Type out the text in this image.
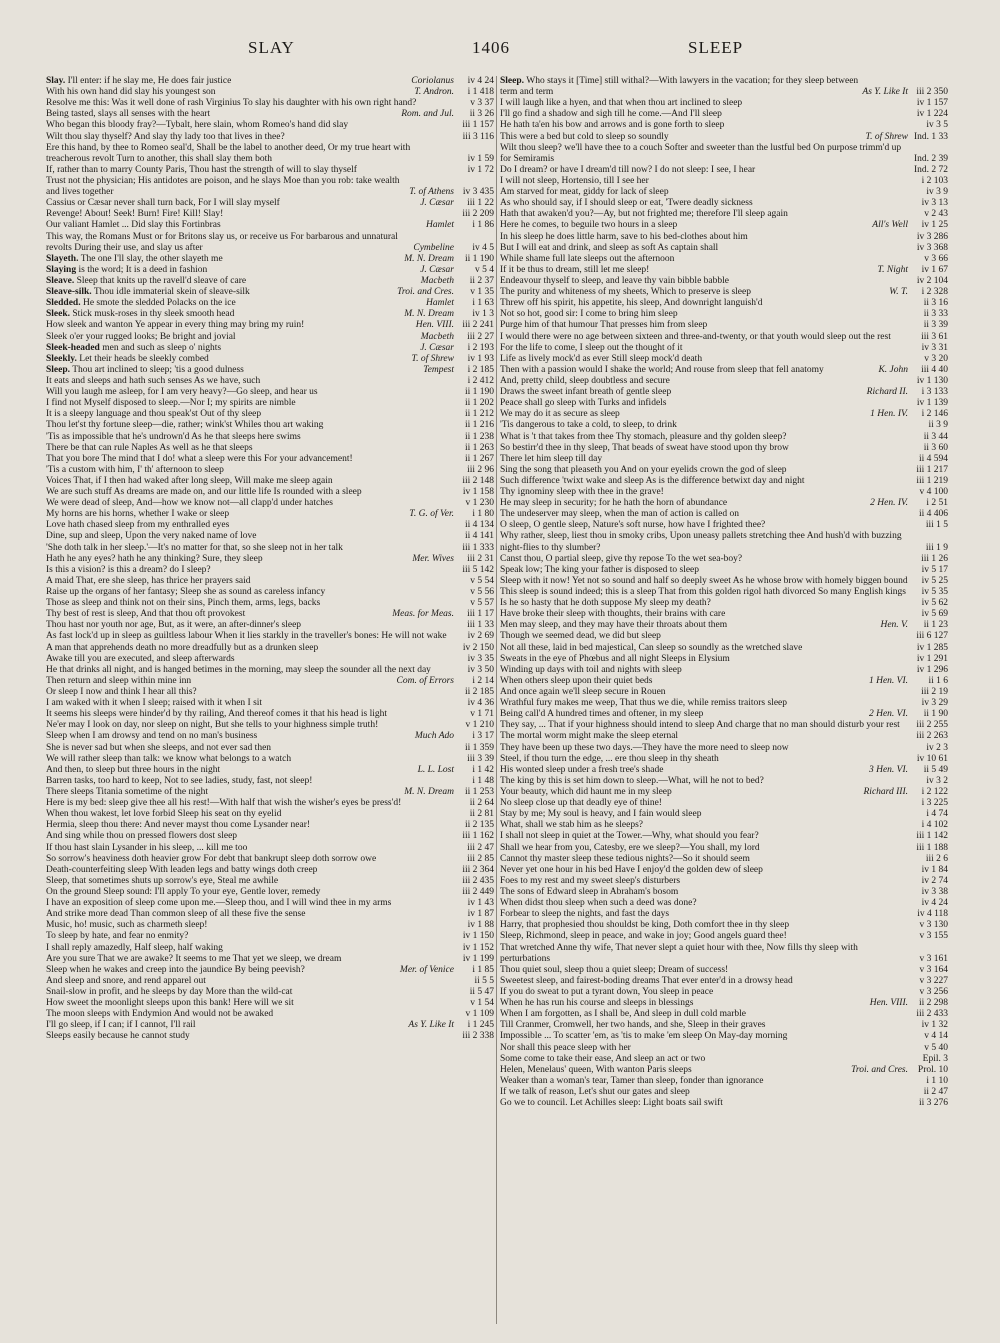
SLAY	1406	SLEEP
Slay. I'll enter: if he slay me, He does fair justice	Coriolanus	iv 4 24
With his own hand did slay his youngest son	T. Andron.	i 1 418
Resolve me this: Was it well done of rash Virginius To slay his daughter with his own right hand?	v 3 37
Being tasted, slays all senses with the heart	Rom. and Jul.	ii 3 26
Who began this bloody fray?—Tybalt, here slain, whom Romeo's hand did slay	iii 1 157
Wilt thou slay thyself? And slay thy lady too that lives in thee?	iii 3 116
Ere this hand, by thee to Romeo seal'd, Shall be the label to another deed, Or my true heart with treacherous revolt Turn to another, this shall slay them both	iv 1 59
If, rather than to marry County Paris, Thou hast the strength of will to slay thyself	iv 1 72
Trust not the physician; His antidotes are poison, and he slays Moe than you rob: take wealth and lives together	T. of Athens iv 3 435
Cassius or Cæsar never shall turn back, For I will slay myself	J. Cæsar	iii 1 22
Revenge! About! Seek! Burn! Fire! Kill! Slay!	iii 2 209
Our valiant Hamlet ... Did slay this Fortinbras	Hamlet	i 1 86
This way, the Romans Must or for Britons slay us, or receive us For barbarous and unnatural revolts During their use, and slay us after	Cymbeline	iv 4 5
Slayeth. The one I'll slay, the other slayeth me	M. N. Dream	ii 1 190
Slaying is the word; It is a deed in fashion	J. Cæsar	v 5 4
Sleave. Sleep that knits up the ravell'd sleave of care	Macbeth	ii 2 37
Sleave-silk. Thou idle immaterial skein of sleave-silk	Troi. and Cres.	v 1 35
Sledded. He smote the sledded Polacks on the ice	Hamlet	i 1 63
Sleek. Stick musk-roses in thy sleek smooth head	M. N. Dream	iv 1 3
How sleek and wanton Ye appear in every thing may bring my ruin!	Hen. VIII. iii 2 241
Sleek o'er your rugged looks; Be bright and jovial	Macbeth	iii 2 27
Sleek-headed men and such as sleep o' nights	J. Cæsar	i 2 193
Sleekly. Let their heads be sleekly combed	T. of Shrew	iv 1 93
Sleep. Thou art inclined to sleep; 'tis a good dulness	Tempest	i 2 185
It eats and sleeps and hath such senses As we have, such	i 2 412
Will you laugh me asleep, for I am very heavy?—Go sleep, and hear us	ii 1 190
I find not Myself disposed to sleep.—Nor I; my spirits are nimble	ii 1 202
It is a sleepy language and thou speak'st Out of thy sleep	ii 1 212
Thou let'st thy fortune sleep—die, rather; wink'st Whiles thou art waking	ii 1 216
'Tis as impossible that he's undrown'd As he that sleeps here swims	ii 1 238
There be that can rule Naples As well as he that sleeps	ii 1 263
That you bore The mind that I do! what a sleep were this For your advancement!	ii 1 267
'Tis a custom with him, I' th' afternoon to sleep	iii 2 96
Voices That, if I then had waked after long sleep, Will make me sleep again	iii 2 148
We are such stuff As dreams are made on, and our little life Is rounded with a sleep	iv 1 158
We were dead of sleep, And—how we know not—all clapp'd under hatches	v 1 230
My horns are his horns, whether I wake or sleep	T. G. of Ver.	i 1 80
Love hath chased sleep from my enthralled eyes	ii 4 134
Dine, sup and sleep, Upon the very naked name of love	ii 4 141
'She doth talk in her sleep.'—It's no matter for that, so she sleep not in her talk	iii 1 333
Hath he any eyes? hath he any thinking? Sure, they sleep	Mer. Wives	iii 2 31
Is this a vision? is this a dream? do I sleep?	iii 5 142
A maid That, ere she sleep, has thrice her prayers said	v 5 54
Raise up the organs of her fantasy; Sleep she as sound as careless infancy	v 5 56
Those as sleep and think not on their sins, Pinch them, arms, legs, backs	v 5 57
Thy best of rest is sleep, And that thou oft provokest	Meas. for Meas.	iii 1 17
Thou hast nor youth nor age, But, as it were, an after-dinner's sleep	iii 1 33
As fast lock'd up in sleep as guiltless labour When it lies starkly in the traveller's bones: He will not wake	iv 2 69
A man that apprehends death no more dreadfully but as a drunken sleep	iv 2 150
Awake till you are executed, and sleep afterwards	iv 3 35
He that drinks all night, and is hanged betimes in the morning, may sleep the sounder all the next day	iv 3 50
Then return and sleep within mine inn	Com. of Errors	i 2 14
Or sleep I now and think I hear all this?	ii 2 185
I am waked with it when I sleep; raised with it when I sit	iv 4 36
It seems his sleeps were hinder'd by thy railing, And thereof comes it that his head is light	v 1 71
Ne'er may I look on day, nor sleep on night, But she tells to your highness simple truth!	v 1 210
Sleep when I am drowsy and tend on no man's business	Much Ado	i 3 17
She is never sad but when she sleeps, and not ever sad then	ii 1 359
We will rather sleep than talk: we know what belongs to a watch	iii 3 39
And then, to sleep but three hours in the night	L. L. Lost	i 1 42
Barren tasks, too hard to keep, Not to see ladies, study, fast, not sleep!	i 1 48
There sleeps Titania sometime of the night	M. N. Dream	ii 1 253
Here is my bed: sleep give thee all his rest!—With half that wish the wisher's eyes be press'd!	ii 2 64
When thou wakest, let love forbid Sleep his seat on thy eyelid	ii 2 81
Hermia, sleep thou there: And never mayst thou come Lysander near!	ii 2 135
And sing while thou on pressed flowers dost sleep	iii 1 162
If thou hast slain Lysander in his sleep, ... kill me too	iii 2 47
So sorrow's heaviness doth heavier grow For debt that bankrupt sleep doth sorrow owe	iii 2 85
Death-counterfeiting sleep With leaden legs and batty wings doth creep	iii 2 364
Sleep, that sometimes shuts up sorrow's eye, Steal me awhile	iii 2 435
On the ground Sleep sound: I'll apply To your eye, Gentle lover, remedy	iii 2 449
I have an exposition of sleep come upon me.—Sleep thou, and I will wind thee in my arms	iv 1 43
And strike more dead Than common sleep of all these five the sense	iv 1 87
Music, ho! music, such as charmeth sleep!	iv 1 88
To sleep by hate, and fear no enmity?	iv 1 150
I shall reply amazedly, Half sleep, half waking	iv 1 152
Are you sure That we are awake? It seems to me That yet we sleep, we dream	iv 1 199
Sleep when he wakes and creep into the jaundice By being peevish?	Mer. of Venice	i 1 85
And sleep and snore, and rend apparel out	ii 5 5
Snail-slow in profit, and he sleeps by day More than the wild-cat	ii 5 47
How sweet the moonlight sleeps upon this bank! Here will we sit	v 1 54
The moon sleeps with Endymion And would not be awaked	v 1 109
I'll go sleep, if I can; if I cannot, I'll rail	As Y. Like It	i 1 245
Sleeps easily because he cannot study	iii 2 338
Sleep. Who stays it [Time] still withal?—With lawyers in the vacation; for they sleep between term and term	As Y. Like It iii 2 350
I will laugh like a hyen, and that when thou art inclined to sleep	iv 1 157
I'll go find a shadow and sigh till he come.—And I'll sleep	iv 1 224
He hath ta'en his bow and arrows and is gone forth to sleep	iv 3 5
This were a bed but cold to sleep so soundly	T. of Shrew Ind. 1 33
Wilt thou sleep? we'll have thee to a couch Softer and sweeter than the lustful bed On purpose trimm'd up for Semiramis	Ind. 2 39
Do I dream? or have I dream'd till now? I do not sleep: I see, I hear	Ind. 2 72
I will not sleep, Hortensio, till I see her	i 2 103
Am starved for meat, giddy for lack of sleep	iv 3 9
As who should say, if I should sleep or eat, 'Twere deadly sickness	iv 3 13
Hath that awaken'd you?—Ay, but not frighted me; therefore I'll sleep again	v 2 43
Here he comes, to beguile two hours in a sleep	All's Well	iv 1 25
In his sleep he does little harm, save to his bed-clothes about him	iv 3 286
But I will eat and drink, and sleep as soft As captain shall	iv 3 368
While shame full late sleeps out the afternoon	v 3 66
If it be thus to dream, still let me sleep!	T. Night	iv 1 67
Endeavour thyself to sleep, and leave thy vain bibble babble	iv 2 104
The purity and whiteness of my sheets, Which to preserve is sleep	W. T.	i 2 328
Threw off his spirit, his appetite, his sleep, And downright languish'd	ii 3 16
Not so hot, good sir: I come to bring him sleep	ii 3 33
Purge him of that humour That presses him from sleep	ii 3 39
I would there were no age between sixteen and three-and-twenty, or that youth would sleep out the rest	iii 3 61
For the life to come, I sleep out the thought of it	iv 3 31
Life as lively mock'd as ever Still sleep mock'd death	v 3 20
Then with a passion would I shake the world; And rouse from sleep that fell anatomy	K. John	iii 4 40
And, pretty child, sleep doubtless and secure	iv 1 130
Draws the sweet infant breath of gentle sleep	Richard II.	i 3 133
Peace shall go sleep with Turks and infidels	iv 1 139
We may do it as secure as sleep	1 Hen. IV.	i 2 146
'Tis dangerous to take a cold, to sleep, to drink	ii 3 9
What is 't that takes from thee Thy stomach, pleasure and thy golden sleep?	ii 3 44
So bestirr'd thee in thy sleep, That beads of sweat have stood upon thy brow	ii 3 60
There let him sleep till day	ii 4 594
Sing the song that pleaseth you And on your eyelids crown the god of sleep	iii 1 217
Such difference 'twixt wake and sleep As is the difference betwixt day and night	iii 1 219
Thy ignominy sleep with thee in the grave!	v 4 100
He may sleep in security; for he hath the horn of abundance	2 Hen. IV.	i 2 51
The undeserver may sleep, when the man of action is called on	ii 4 406
O sleep, O gentle sleep, Nature's soft nurse, how have I frighted thee?	iii 1 5
Why rather, sleep, liest thou in smoky cribs, Upon uneasy pallets stretching thee And hush'd with buzzing night-flies to thy slumber?	iii 1 9
Canst thou, O partial sleep, give thy repose To the wet sea-boy?	iii 1 26
Speak low; The king your father is disposed to sleep	iv 5 17
Sleep with it now! Yet not so sound and half so deeply sweet As he whose brow with homely biggen bound	iv 5 25
This sleep is sound indeed; this is a sleep That from this golden rigol hath divorced So many English kings	iv 5 35
Is he so hasty that he doth suppose My sleep my death?	iv 5 62
Have broke their sleep with thoughts, their brains with care	iv 5 69
Men may sleep, and they may have their throats about them	Hen. V.	ii 1 23
Though we seemed dead, we did but sleep	iii 6 127
Not all these, laid in bed majestical, Can sleep so soundly as the wretched slave	iv 1 285
Sweats in the eye of Phœbus and all night Sleeps in Elysium	iv 1 291
Winding up days with toil and nights with sleep	iv 1 296
When others sleep upon their quiet beds	1 Hen. VI.	ii 1 6
And once again we'll sleep secure in Rouen	iii 2 19
Wrathful fury makes me weep, That thus we die, while remiss traitors sleep	iv 3 29
Being call'd A hundred times and oftener, in my sleep	2 Hen. VI.	ii 1 90
They say, ... That if your highness should intend to sleep And charge that no man should disturb your rest	iii 2 255
The mortal worm might make the sleep eternal	iii 2 263
They have been up these two days.—They have the more need to sleep now	iv 2 3
Steel, if thou turn the edge, ... ere thou sleep in thy sheath	iv 10 61
His wonted sleep under a fresh tree's shade	3 Hen. VI.	ii 5 49
The king by this is set him down to sleep.—What, will he not to bed?	iv 3 2
Your beauty, which did haunt me in my sleep	Richard III.	i 2 122
No sleep close up that deadly eye of thine!	i 3 225
Stay by me; My soul is heavy, and I fain would sleep	i 4 74
What, shall we stab him as he sleeps?	i 4 102
I shall not sleep in quiet at the Tower.—Why, what should you fear?	iii 1 142
Shall we hear from you, Catesby, ere we sleep?—You shall, my lord	iii 1 188
Cannot thy master sleep these tedious nights?—So it should seem	iii 2 6
Never yet one hour in his bed Have I enjoy'd the golden dew of sleep	iv 1 84
Foes to my rest and my sweet sleep's disturbers	iv 2 74
The sons of Edward sleep in Abraham's bosom	iv 3 38
When didst thou sleep when such a deed was done?	iv 4 24
Forbear to sleep the nights, and fast the days	iv 4 118
Harry, that prophesied thou shouldst be king, Doth comfort thee in thy sleep	v 3 130
Sleep, Richmond, sleep in peace, and wake in joy; Good angels guard thee!	v 3 155
That wretched Anne thy wife, That never slept a quiet hour with thee, Now fills thy sleep with perturbations	v 3 161
Thou quiet soul, sleep thou a quiet sleep; Dream of success!	v 3 164
Sweetest sleep, and fairest-boding dreams That ever enter'd in a drowsy head	v 3 227
If you do sweat to put a tyrant down, You sleep in peace	v 3 256
When he has run his course and sleeps in blessings	Hen. VIII.	ii 2 298
When I am forgotten, as I shall be, And sleep in dull cold marble	iii 2 433
Till Cranmer, Cromwell, her two hands, and she, Sleep in their graves	iv 1 32
Impossible ... To scatter 'em, as 'tis to make 'em sleep On May-day morning	v 4 14
Nor shall this peace sleep with her	v 5 40
Some come to take their ease, And sleep an act or two	Epil. 3
Helen, Menelaus' queen, With wanton Paris sleeps	Troi. and Cres.	Prol. 10
Weaker than a woman's tear, Tamer than sleep, fonder than ignorance	i 1 10
If we talk of reason, Let's shut our gates and sleep	ii 2 47
Go we to council. Let Achilles sleep: Light boats sail swift	ii 3 276
